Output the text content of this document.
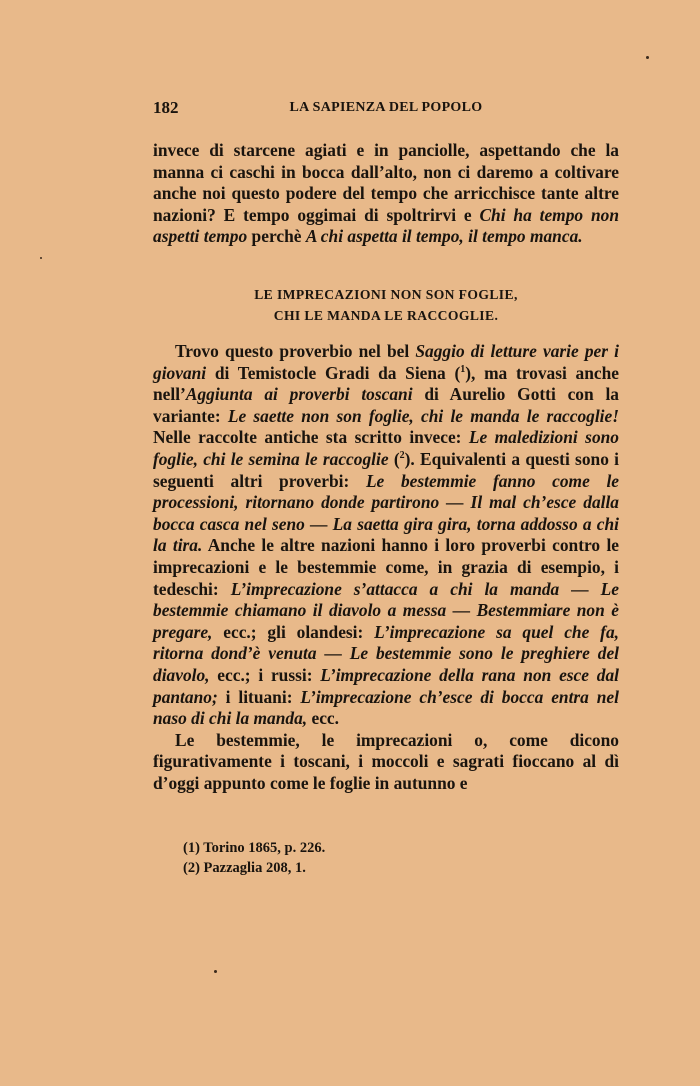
182	LA SAPIENZA DEL POPOLO

invece di starcene agiati e in panciolle, aspettando che la manna ci caschi in bocca dall’alto, non ci daremo a coltivare anche noi questo podere del tempo che arricchisce tante altre nazioni? E tempo oggimai di spoltrirvi e Chi ha tempo non aspetti tempo perchè A chi aspetta il tempo, il tempo manca.

LE IMPRECAZIONI NON SON FOGLIE,
CHI LE MANDA LE RACCOGLIE.

Trovo questo proverbio nel bel Saggio di letture varie per i giovani di Temistocle Gradi da Siena ($^1$), ma trovasi anche nell’Aggiunta ai proverbi toscani di Aurelio Gotti con la variante: Le saette non son foglie, chi le manda le raccoglie! Nelle raccolte antiche sta scritto invece: Le maledizioni sono foglie, chi le semina le raccoglie ($^2$). Equivalenti a questi sono i seguenti altri proverbi: Le bestemmie fanno come le processioni, ritornano donde partirono — Il mal ch’esce dalla bocca casca nel seno — La saetta gira gira, torna addosso a chi la tira. Anche le altre nazioni hanno i loro proverbi contro le imprecazioni e le bestemmie come, in grazia di esempio, i tedeschi: L’imprecazione s’attacca a chi la manda — Le bestemmie chiamano il diavolo a messa — Bestemmiare non è pregare, ecc.; gli olandesi: L’imprecazione sa quel che fa, ritorna dond’è venuta — Le bestemmie sono le preghiere del diavolo, ecc.; i russi: L’imprecazione della rana non esce dal pantano; i lituani: L’imprecazione ch’esce di bocca entra nel naso di chi la manda, ecc.

Le bestemmie, le imprecazioni o, come dicono figurativamente i toscani, i moccoli e sagrati fioccano al dì d’oggi appunto come le foglie in autunno e

(1) Torino 1865, p. 226.
(2) Pazzaglia 208, 1.
